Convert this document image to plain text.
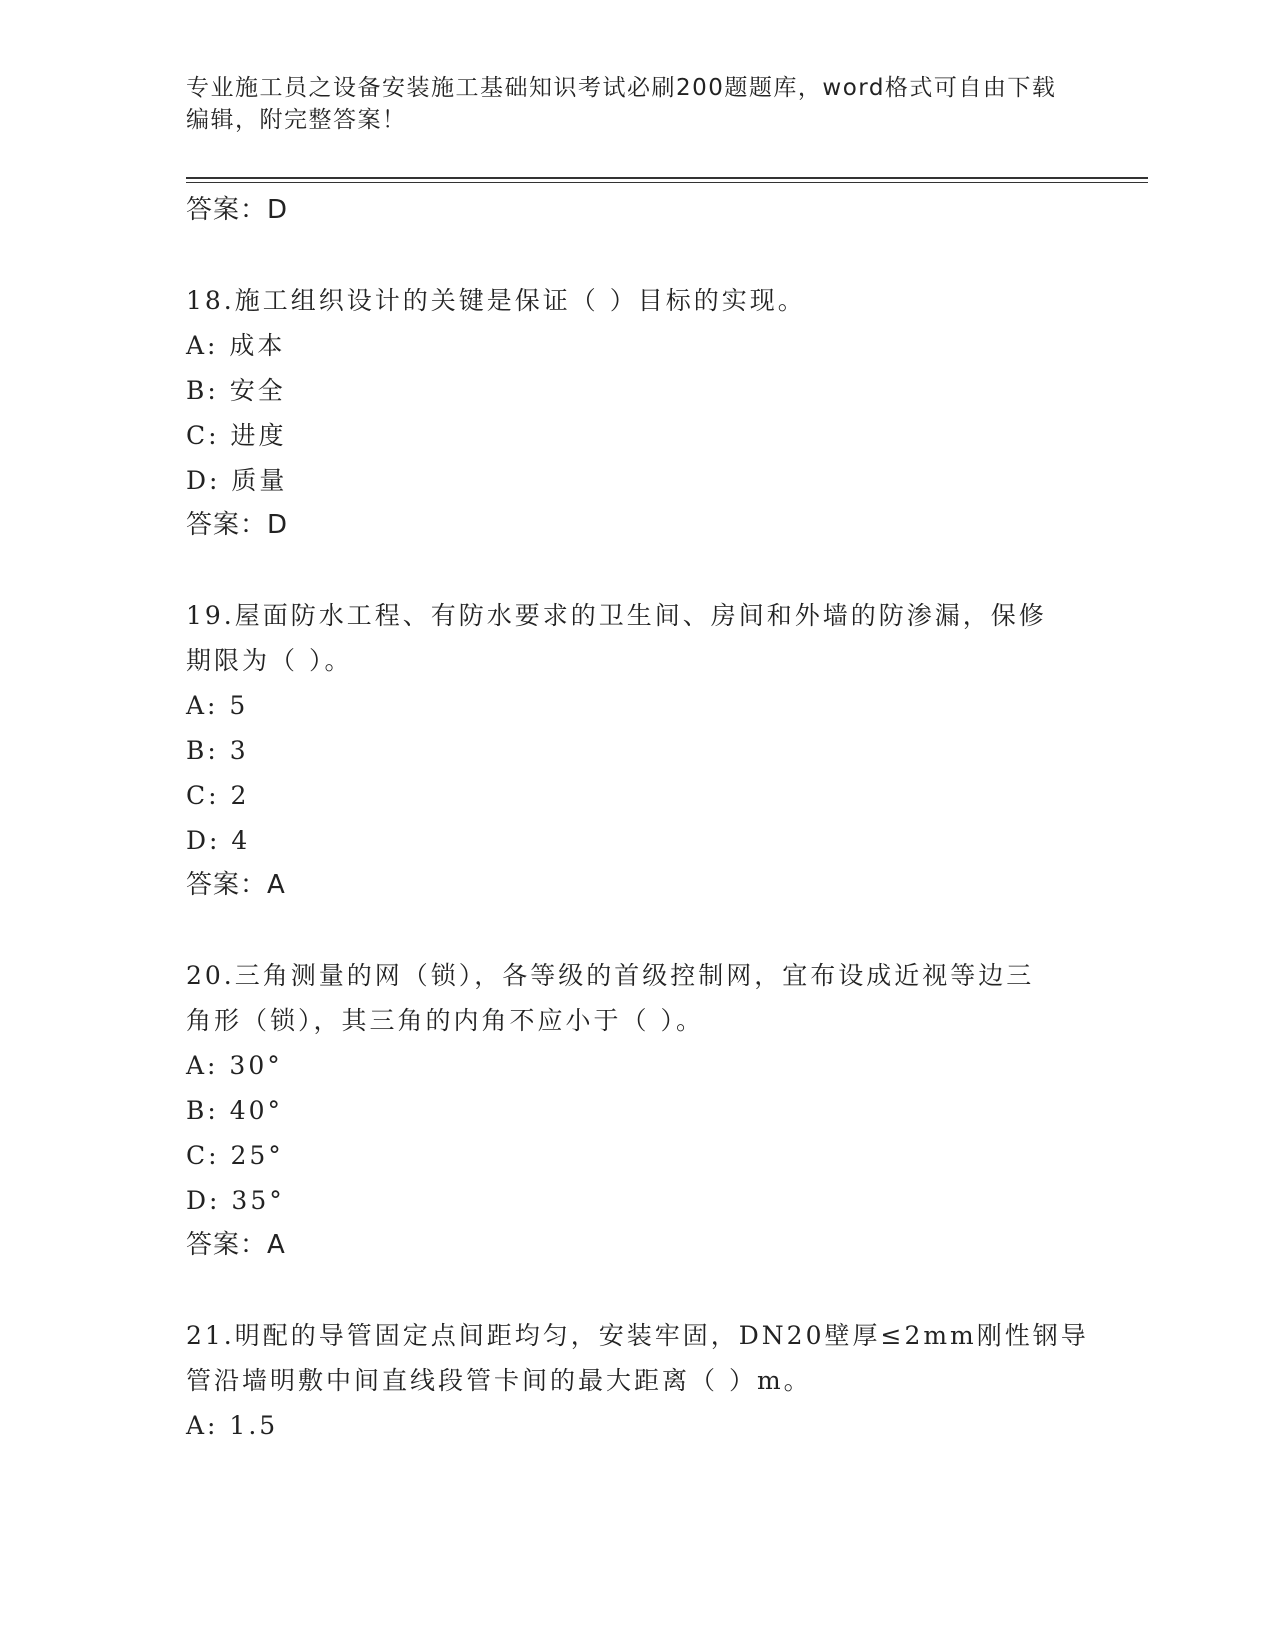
专业施工员之设备安装施工基础知识考试必刷200题题库，word格式可自由下载
编辑，附完整答案！
答案：D
18.施工组织设计的关键是保证（ ）目标的实现。
A: 成本
B: 安全
C: 进度
D: 质量
答案：D
19.屋面防水工程、有防水要求的卫生间、房间和外墙的防渗漏，保修
期限为（ ）。
A: 5
B: 3
C: 2
D: 4
答案：A
20.三角测量的网（锁），各等级的首级控制网，宜布设成近视等边三
角形（锁），其三角的内角不应小于（ ）。
A: 30°
B: 40°
C: 25°
D: 35°
答案：A
21.明配的导管固定点间距均匀，安装牢固，DN20壁厚≤2mm刚性钢导
管沿墙明敷中间直线段管卡间的最大距离（ ）m。
A: 1.5
